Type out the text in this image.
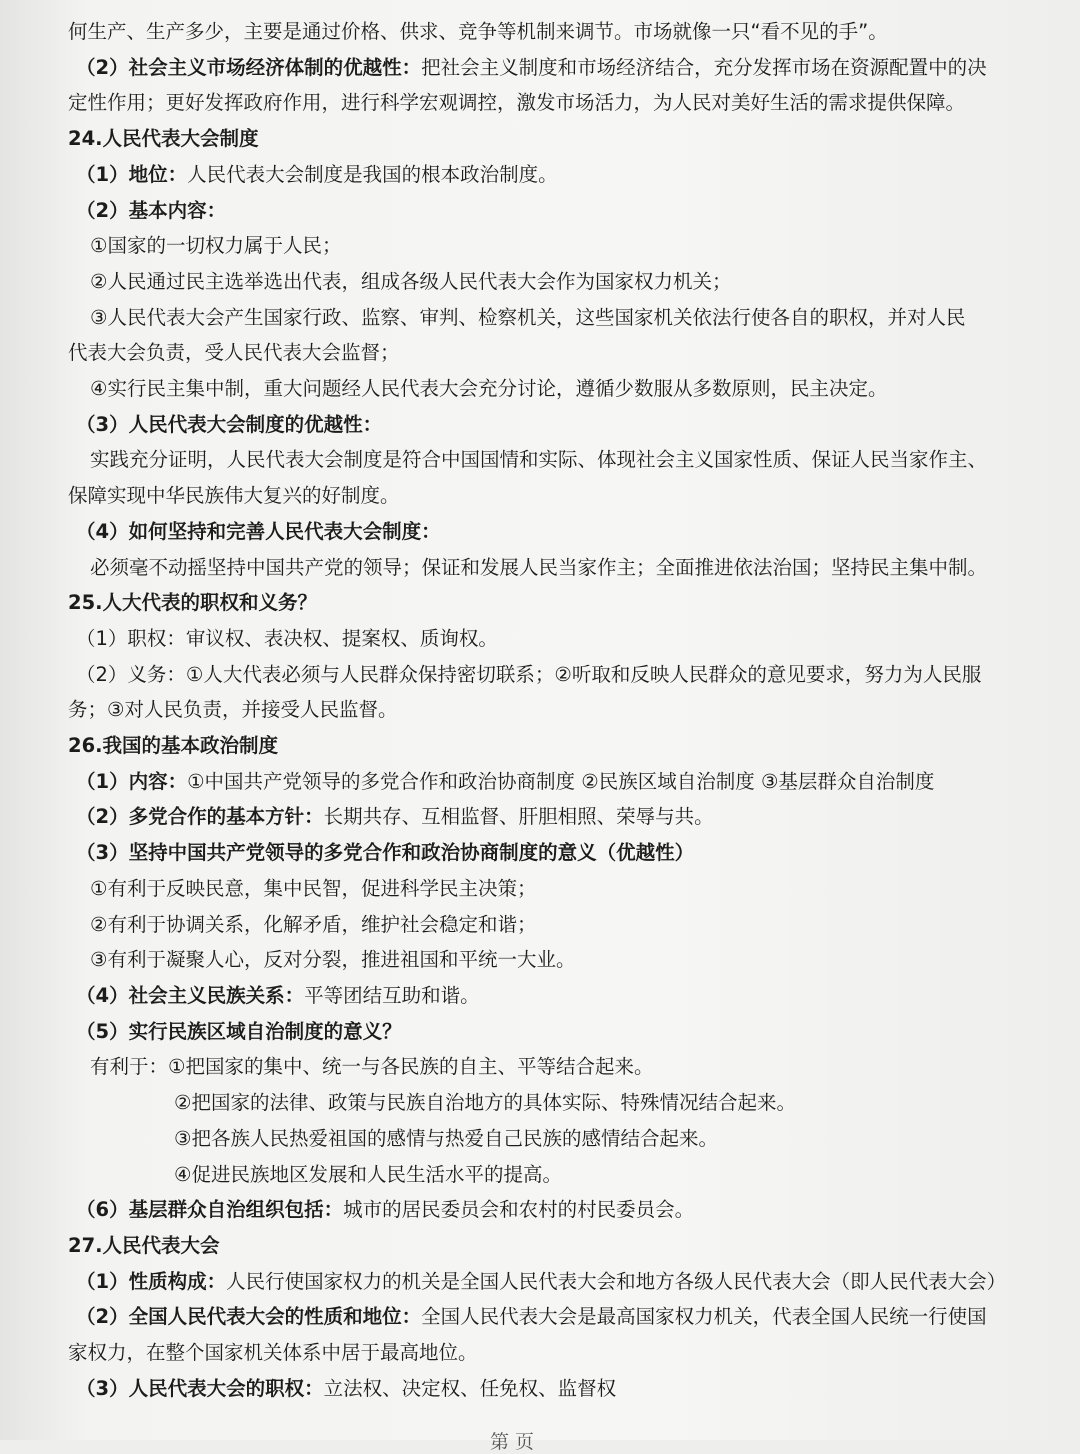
何生产、生产多少，主要是通过价格、供求、竞争等机制来调节。市场就像一只“看不见的手”。
（2）社会主义市场经济体制的优越性：把社会主义制度和市场经济结合，充分发挥市场在资源配置中的决
定性作用；更好发挥政府作用，进行科学宏观调控，激发市场活力，为人民对美好生活的需求提供保障。
24.人民代表大会制度
（1）地位：人民代表大会制度是我国的根本政治制度。
（2）基本内容：
①国家的一切权力属于人民；
②人民通过民主选举选出代表，组成各级人民代表大会作为国家权力机关；
③人民代表大会产生国家行政、监察、审判、检察机关，这些国家机关依法行使各自的职权，并对人民
代表大会负责，受人民代表大会监督；
④实行民主集中制，重大问题经人民代表大会充分讨论，遵循少数服从多数原则，民主决定。
（3）人民代表大会制度的优越性：
实践充分证明，人民代表大会制度是符合中国国情和实际、体现社会主义国家性质、保证人民当家作主、
保障实现中华民族伟大复兴的好制度。
（4）如何坚持和完善人民代表大会制度：
必须毫不动摇坚持中国共产党的领导；保证和发展人民当家作主；全面推进依法治国；坚持民主集中制。
25.人大代表的职权和义务？
（1）职权：审议权、表决权、提案权、质询权。
（2）义务：①人大代表必须与人民群众保持密切联系；②听取和反映人民群众的意见要求，努力为人民服
务；③对人民负责，并接受人民监督。
26.我国的基本政治制度
（1）内容：①中国共产党领导的多党合作和政治协商制度 ②民族区域自治制度 ③基层群众自治制度
（2）多党合作的基本方针：长期共存、互相监督、肝胆相照、荣辱与共。
（3）坚持中国共产党领导的多党合作和政治协商制度的意义（优越性）
①有利于反映民意，集中民智，促进科学民主决策；
②有利于协调关系，化解矛盾，维护社会稳定和谐；
③有利于凝聚人心，反对分裂，推进祖国和平统一大业。
（4）社会主义民族关系：平等团结互助和谐。
（5）实行民族区域自治制度的意义？
有利于：①把国家的集中、统一与各民族的自主、平等结合起来。
②把国家的法律、政策与民族自治地方的具体实际、特殊情况结合起来。
③把各族人民热爱祖国的感情与热爱自己民族的感情结合起来。
④促进民族地区发展和人民生活水平的提高。
（6）基层群众自治组织包括：城市的居民委员会和农村的村民委员会。
27.人民代表大会
（1）性质构成：人民行使国家权力的机关是全国人民代表大会和地方各级人民代表大会（即人民代表大会）
（2）全国人民代表大会的性质和地位：全国人民代表大会是最高国家权力机关，代表全国人民统一行使国
家权力，在整个国家机关体系中居于最高地位。
（3）人民代表大会的职权：立法权、决定权、任免权、监督权
第 页
